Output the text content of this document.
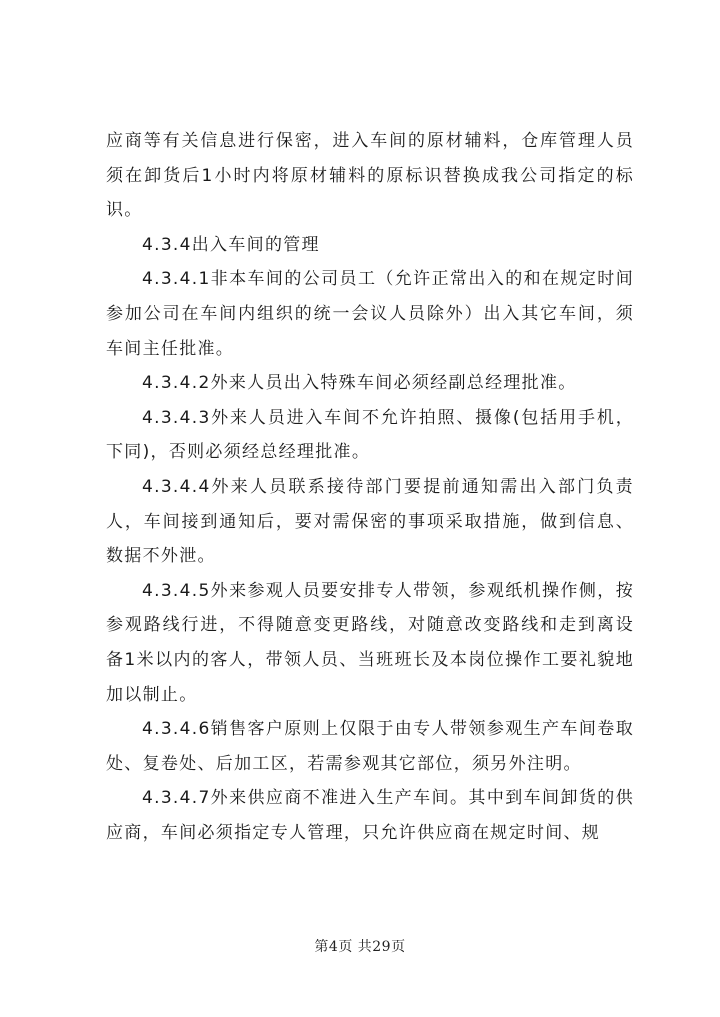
应商等有关信息进行保密，进入车间的原材辅料，仓库管理人员须在卸货后1小时内将原材辅料的原标识替换成我公司指定的标识。

4.3.4出入车间的管理

4.3.4.1非本车间的公司员工（允许正常出入的和在规定时间参加公司在车间内组织的统一会议人员除外）出入其它车间，须车间主任批准。

4.3.4.2外来人员出入特殊车间必须经副总经理批准。

4.3.4.3外来人员进入车间不允许拍照、摄像(包括用手机，下同)，否则必须经总经理批准。

4.3.4.4外来人员联系接待部门要提前通知需出入部门负责人，车间接到通知后，要对需保密的事项采取措施，做到信息、数据不外泄。

4.3.4.5外来参观人员要安排专人带领，参观纸机操作侧，按参观路线行进，不得随意变更路线，对随意改变路线和走到离设备1米以内的客人，带领人员、当班班长及本岗位操作工要礼貌地加以制止。

4.3.4.6销售客户原则上仅限于由专人带领参观生产车间卷取处、复卷处、后加工区，若需参观其它部位，须另外注明。

4.3.4.7外来供应商不准进入生产车间。其中到车间卸货的供应商，车间必须指定专人管理，只允许供应商在规定时间、规

第4页 共29页
